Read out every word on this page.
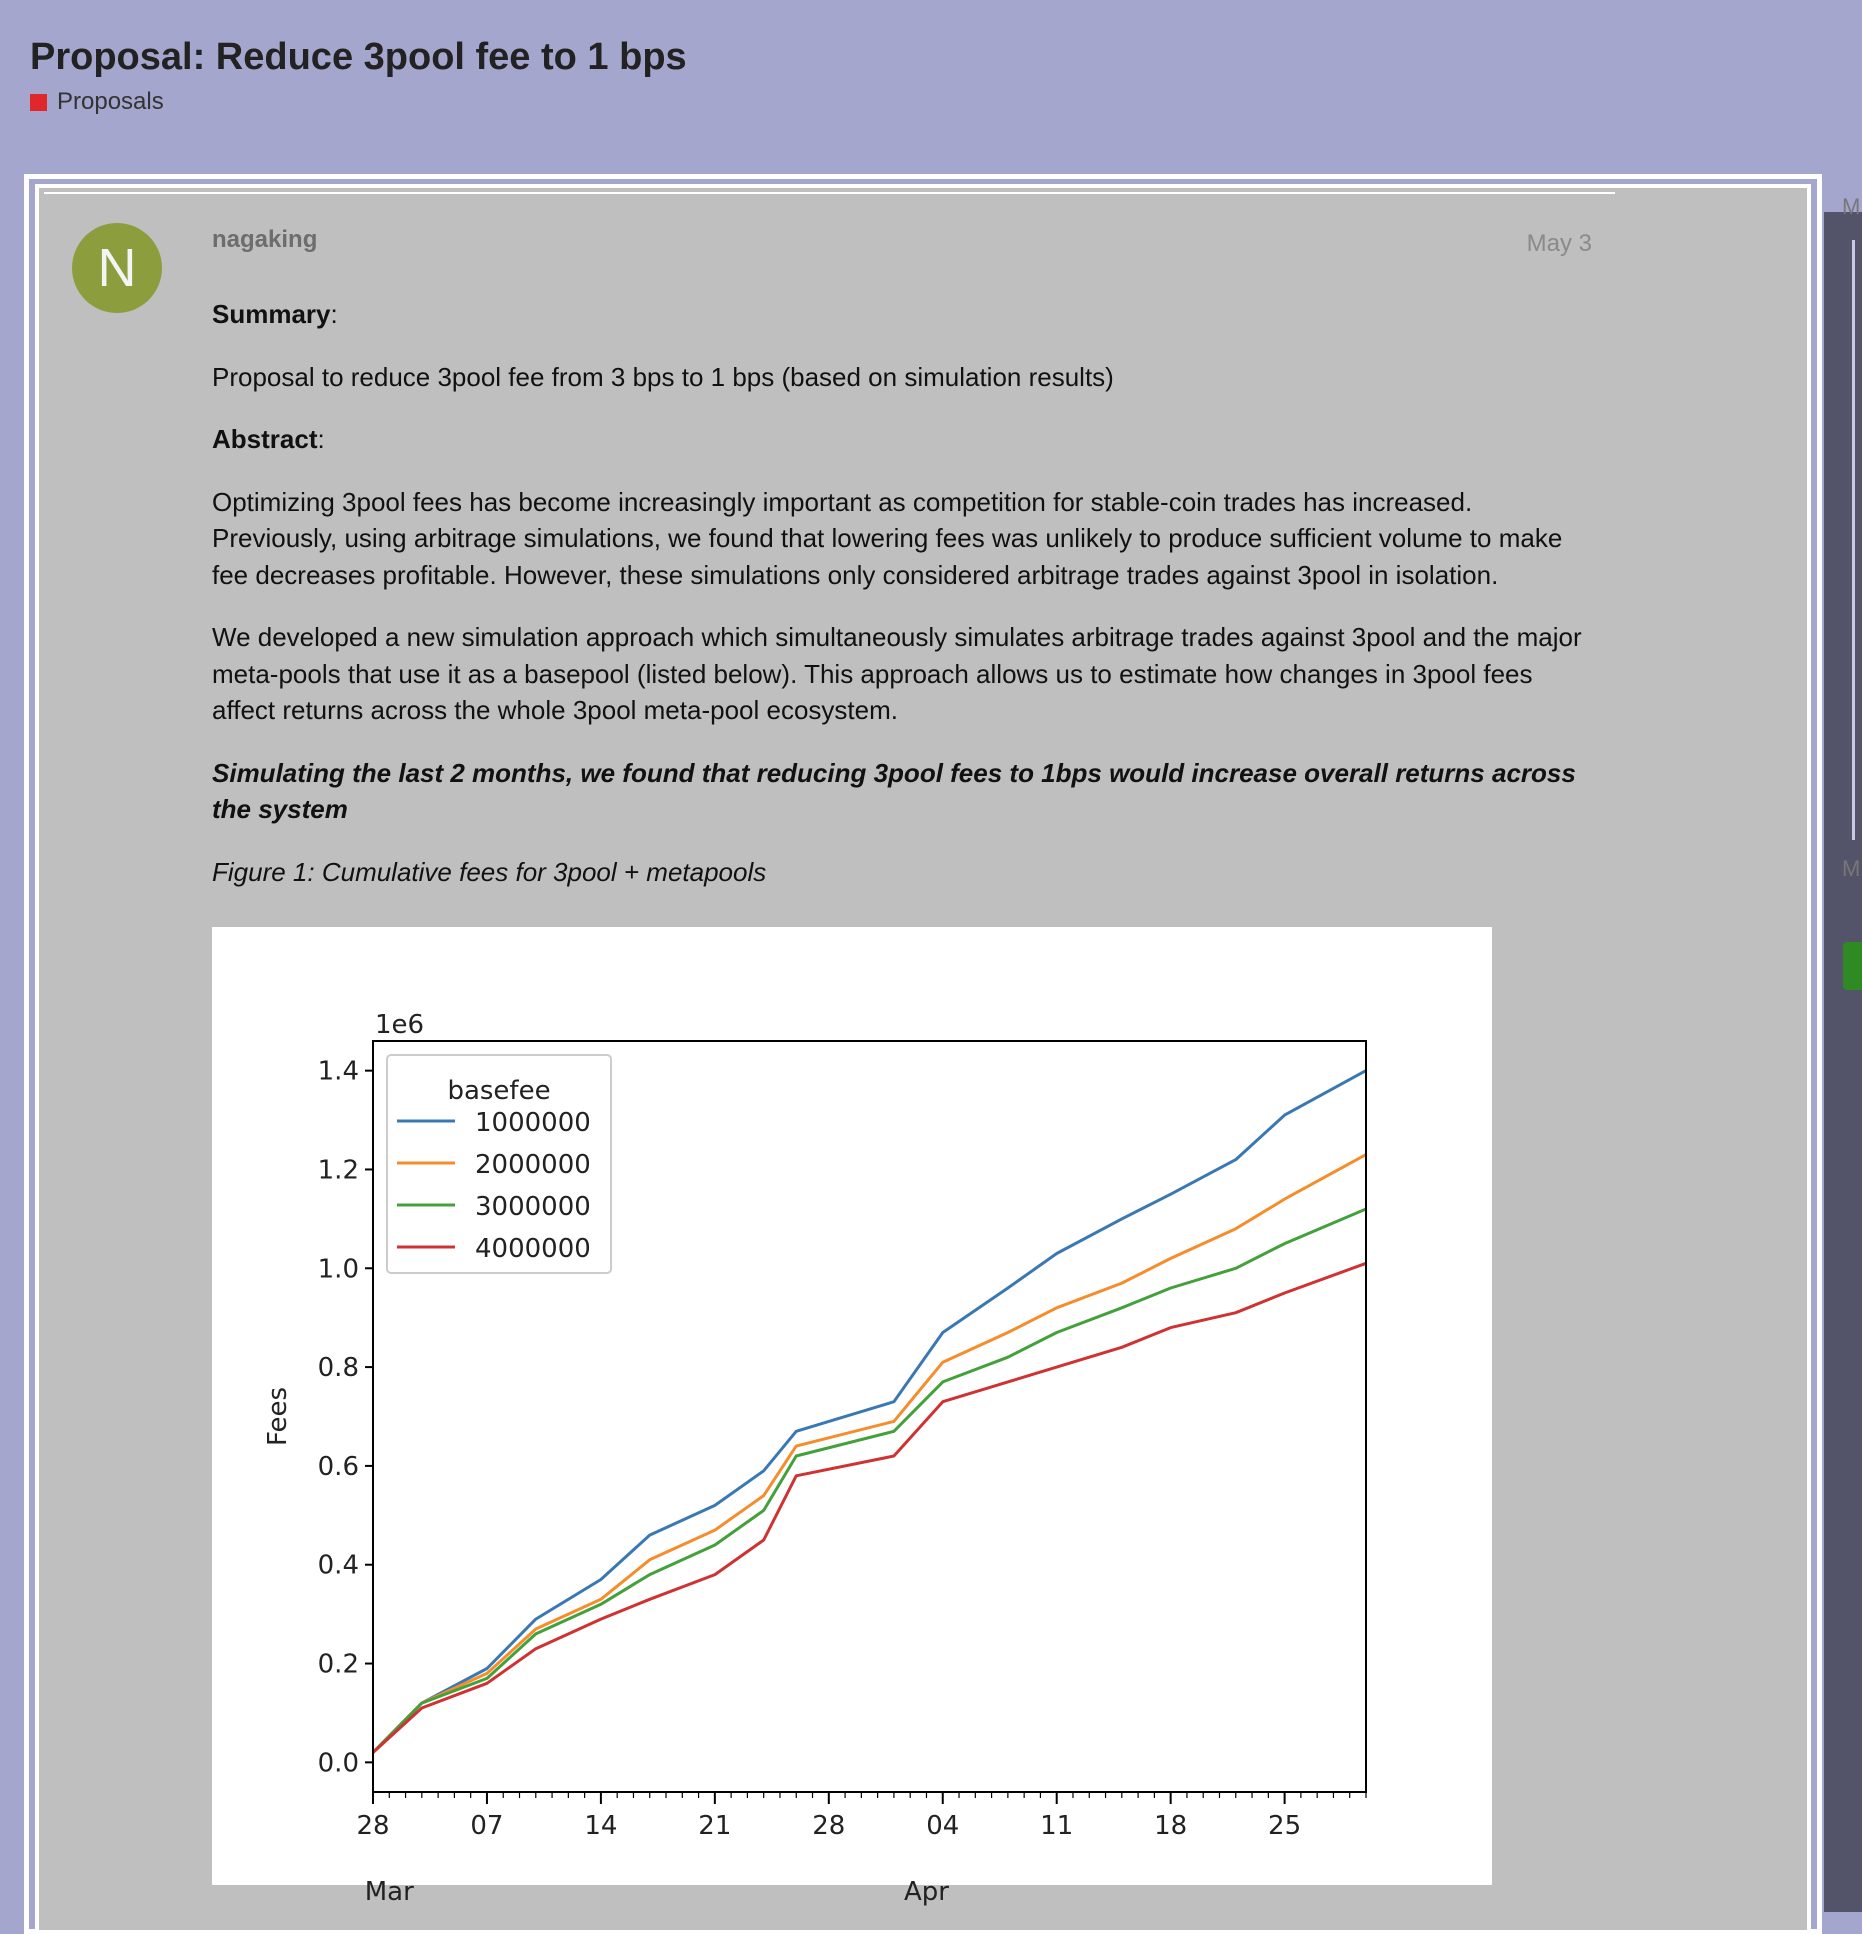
Proposal: Reduce 3pool fee to 1 bps
Proposals
M
M
N	nagaking	May 3

Summary:

Proposal to reduce 3pool fee from 3 bps to 1 bps (based on simulation results)

Abstract:

Optimizing 3pool fees has become increasingly important as competition for stable-coin trades has increased. Previously, using arbitrage simulations, we found that lowering fees was unlikely to produce sufficient volume to make fee decreases profitable. However, these simulations only considered arbitrage trades against 3pool in isolation.

We developed a new simulation approach which simultaneously simulates arbitrage trades against 3pool and the major meta-pools that use it as a basepool (listed below). This approach allows us to estimate how changes in 3pool fees affect returns across the whole 3pool meta-pool ecosystem.

Simulating the last 2 months, we found that reducing 3pool fees to 1bps would increase overall returns across the system

Figure 1: Cumulative fees for 3pool + metapools

0.0
0.2
0.4
0.6
0.8
1.0
1.2
1.4
1e6
Fees
28	07	14	21	28	04	11	18	25
Mar	Apr
basefee
1000000
2000000
3000000
4000000
